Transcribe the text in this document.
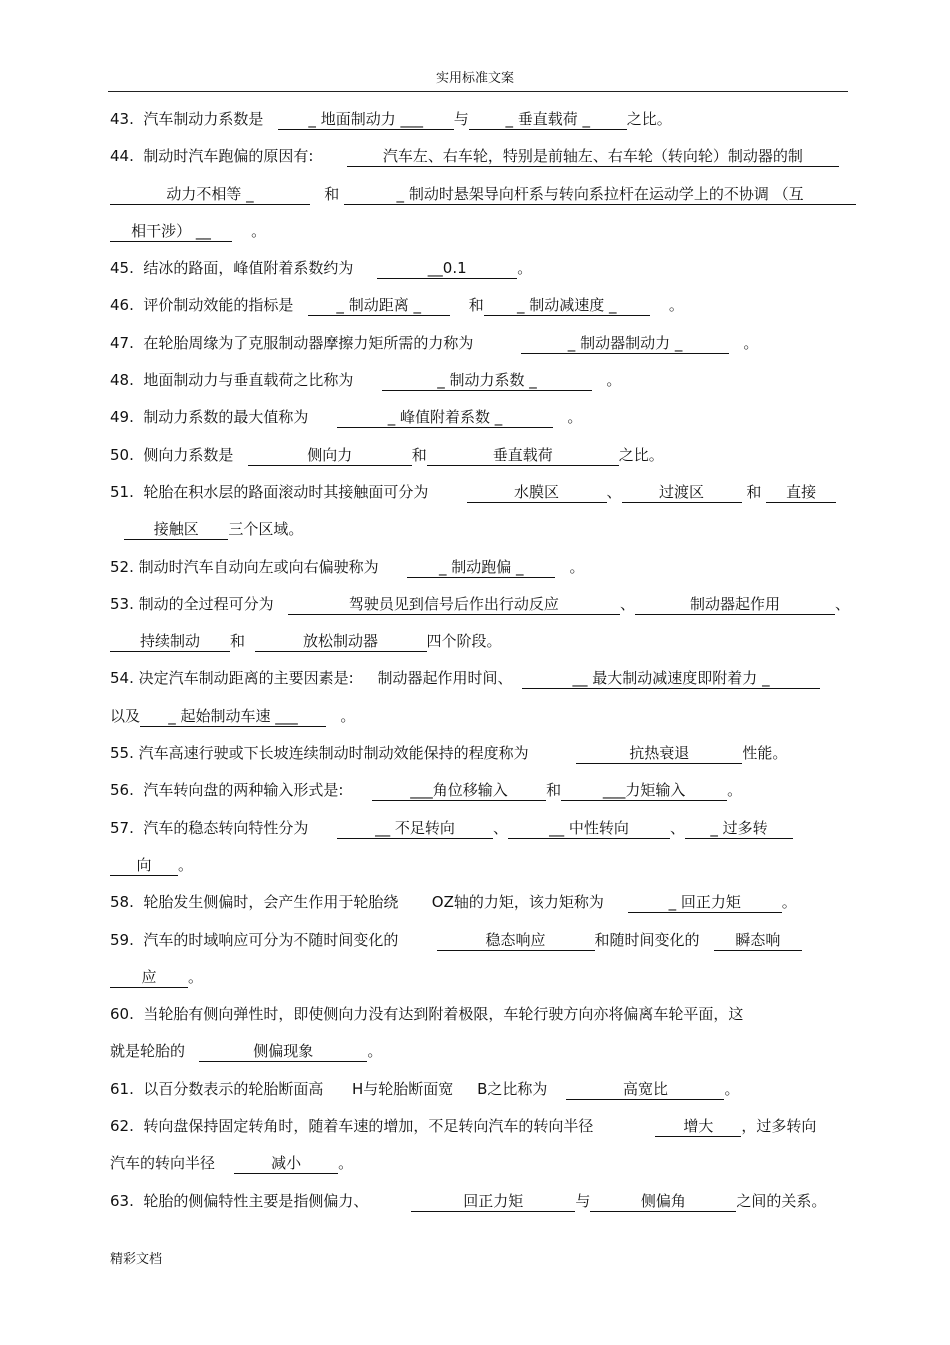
实用标准文案
43.  汽车制动力系数是   _ 地面制动力 ___ 与 _ 垂直载荷 _ 之比。
44.  制动时汽车跑偏的原因有:       汽车左、右车轮，特别是前轴左、右车轮（转向轮）制动器的制
动力不相等 _	和	_ 制动时悬架导向杆系与转向系拉杆在运动学上的不协调 （互
相干涉） __    。
45.  结冰的路面，峰值附着系数约为	__0.1	。
46.  评价制动效能的指标是   _ 制动距离 _    和 _ 制动减速度 _    。
47.  在轮胎周缘为了克服制动器摩擦力矩所需的力称为	_ 制动器制动力 _	。
48.  地面制动力与垂直载荷之比称为	_ 制动力系数 _	。
49.  制动力系数的最大值称为	_ 峰值附着系数 _	。
50.  侧向力系数是	侧向力	和	垂直载荷	之比。
51.  轮胎在积水层的路面滚动时其接触面可分为	水膜区	、 过渡区	和 直接
接触区 三个区域。
52. 制动时汽车自动向左或向右偏驶称为      _ 制动跑偏 _   。
53. 制动的全过程可分为	驾驶员见到信号后作出行动反应	、	制动器起作用	、
持续制动 和	放松制动器	四个阶段。
54. 决定汽车制动距离的主要因素是:     制动器起作用时间、	__ 最大制动减速度即附着力 _
以及 _ 起始制动车速 ___   。
55. 汽车高速行驶或下长坡连续制动时制动效能保持的程度称为	抗热衰退	性能。
56.  汽车转向盘的两种输入形式是:	___角位移输入	和	___力矩输入	。
57.  汽车的稳态转向特性分为	__ 不足转向	、	__ 中性转向	、 _ 过多转
向 。
58.  轮胎发生侧偏时，会产生作用于轮胎绕       OZ轴的力矩，该力矩称为	_ 回正力矩	。
59.  汽车的时域响应可分为不随时间变化的	稳态响应	和随时间变化的   瞬态响
应 。
60.  当轮胎有侧向弹性时，即使侧向力没有达到附着极限，车轮行驶方向亦将偏离车轮平面，这
就是轮胎的	侧偏现象	。
61.  以百分数表示的轮胎断面高      H与轮胎断面宽     B之比称为	高宽比	。
62.  转向盘保持固定转角时，随着车速的增加，不足转向汽车的转向半径             增大 ，过多转向
汽车的转向半径    减小 。
63.  轮胎的侧偏特性主要是指侧偏力、	回正力矩	与	侧偏角	之间的关系。
精彩文档
